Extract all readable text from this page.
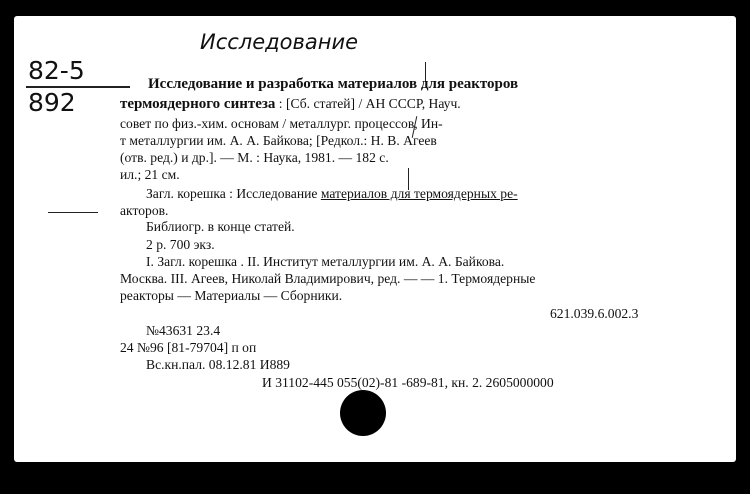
Исследование
82-5
892
Исследование и разработка материалов для реакторов
термоядерного синтеза : [Сб. статей] / АН СССР, Науч.
совет по физ.-хим. основам / металлург. процессов, Ин-
т металлургии им. А. А. Байкова; [Редкол.: Н. В. Агеев
(отв. ред.) и др.]. — М. : Наука, 1981. — 182 с.
ил.; 21 см.
Загл. корешка : Исследование материалов для термоядерных ре-
акторов.
Библиогр. в конце статей.
2 р. 700 экз.
I. Загл. корешка . II. Институт металлургии им. А. А. Байкова.
Москва. III. Агеев, Николай Владимирович, ред. — — 1. Термоядерные
реакторы — Материалы — Сборники.
621.039.6.002.3
№43631 23.4
24 №96 [81-79704] п оп
Вс.кн.пал. 08.12.81 И889
И 31102-445 055(02)-81 -689-81, кн. 2. 2605000000
